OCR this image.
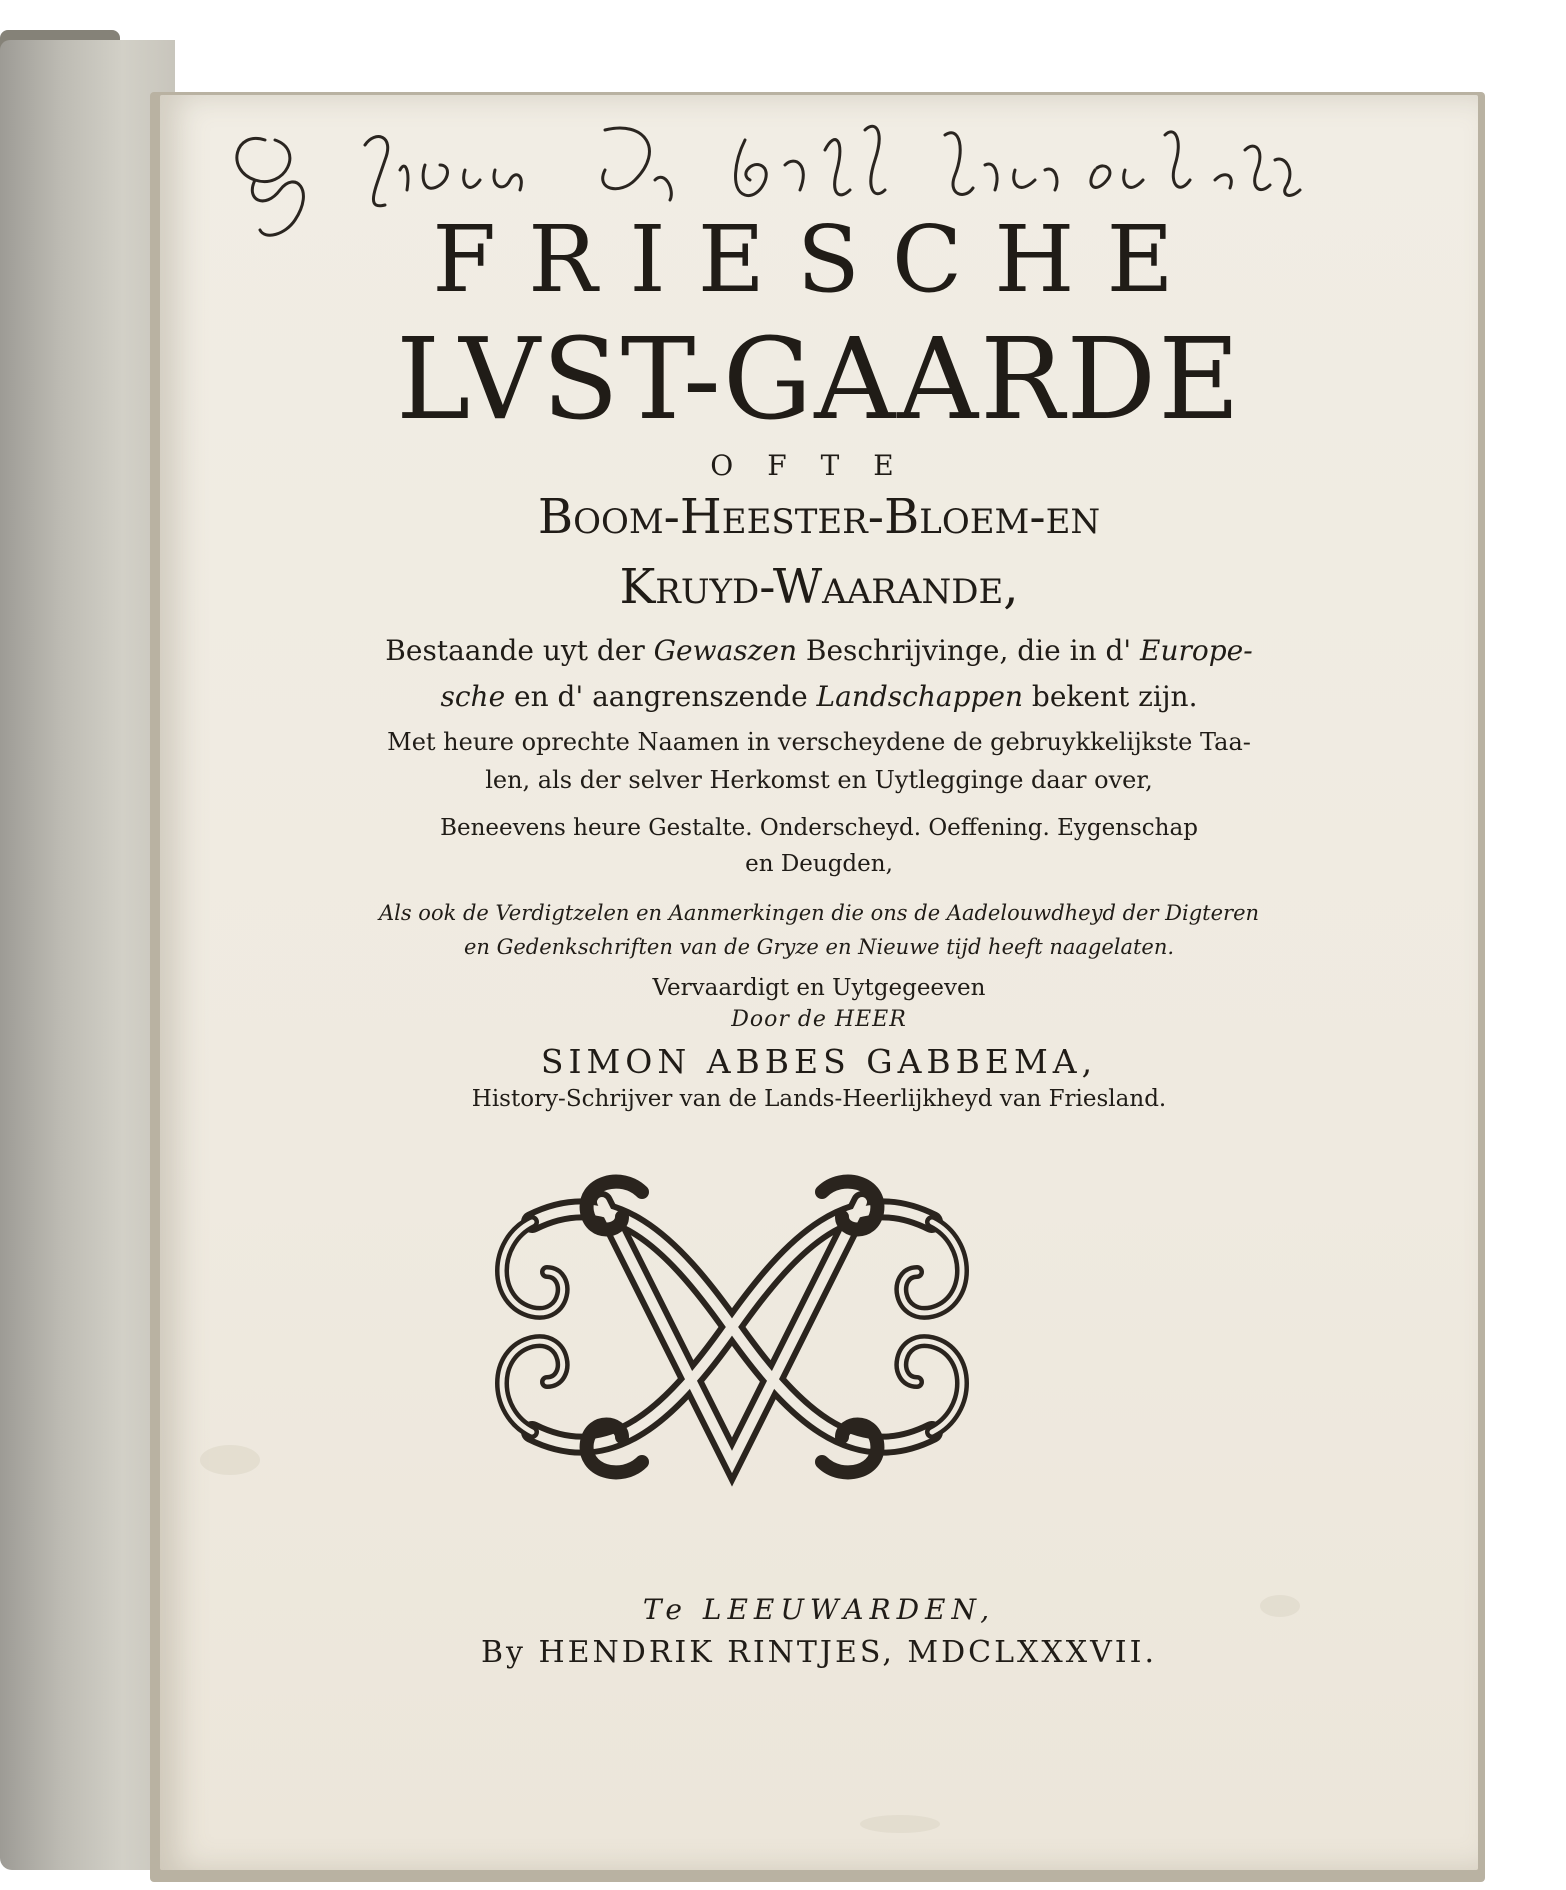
FRIESCHE
LVST-GAARDE
OFTE
Boom-Heester-Bloem-en
Kruyd-Waarande,
Bestaande uyt der Gewaszen Beschrijvinge, die in d' Europe-
sche en d' aangrenszende Landschappen bekent zijn.
Met heure oprechte Naamen in verscheydene de gebruykkelijkste Taa-
len, als der selver Herkomst en Uytlegginge daar over,
Beneevens heure Gestalte. Onderscheyd. Oeffening. Eygenschap
en Deugden,
Als ook de Verdigtzelen en Aanmerkingen die ons de Aadelouwdheyd der Digteren
en Gedenkschriften van de Gryze en Nieuwe tijd heeft naagelaten.
Vervaardigt en Uytgegeeven
Door de HEER
SIMON ABBES GABBEMA,
History-Schrijver van de Lands-Heerlijkheyd van Friesland.
Te LEEUWARDEN,
By HENDRIK RINTJES, MDCLXXXVII.
